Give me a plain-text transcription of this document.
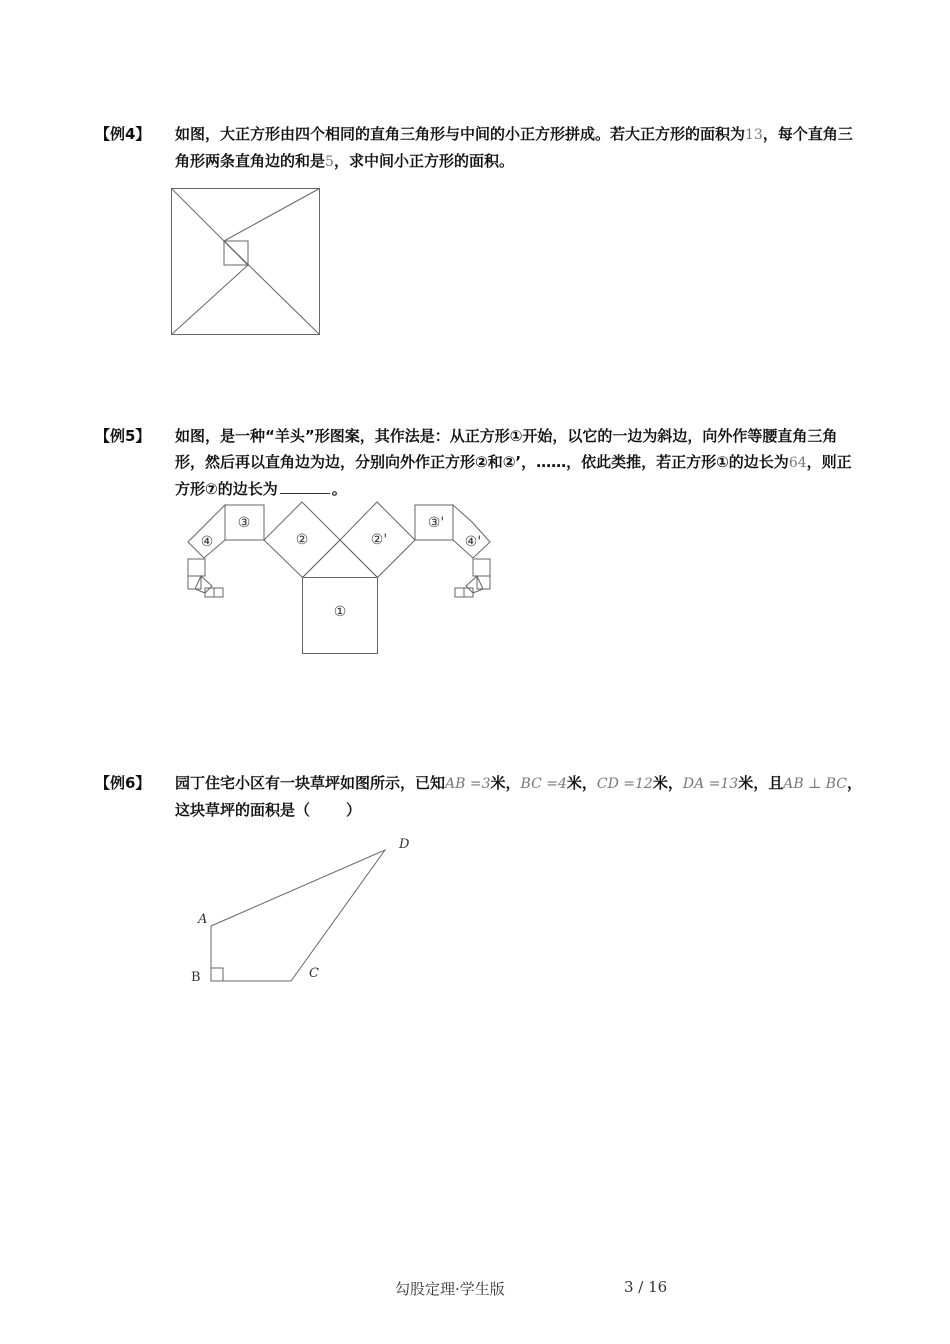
【例4】 如图，大正方形由四个相同的直角三角形与中间的小正方形拼成。若大正方形的面积为13，每个直角三角形两条直角边的和是5，求中间小正方形的面积。
【例5】 如图，是一种“羊头”形图案，其作法是：从正方形①开始，以它的一边为斜边，向外作等腰直角三角形，然后再以直角边为边，分别向外作正方形②和②’，……，依此类推，若正方形①的边长为64，则正方形⑦的边长为	。
①
②	②'
③	③'
④	④'
【例6】 园丁住宅小区有一块草坪如图所示，已知AB =3米，BC =4米，CD =12米，DA =13米，且AB ⊥ BC，这块草坪的面积是（ ）
A
B	C
D
勾股定理·学生版	3 / 16
